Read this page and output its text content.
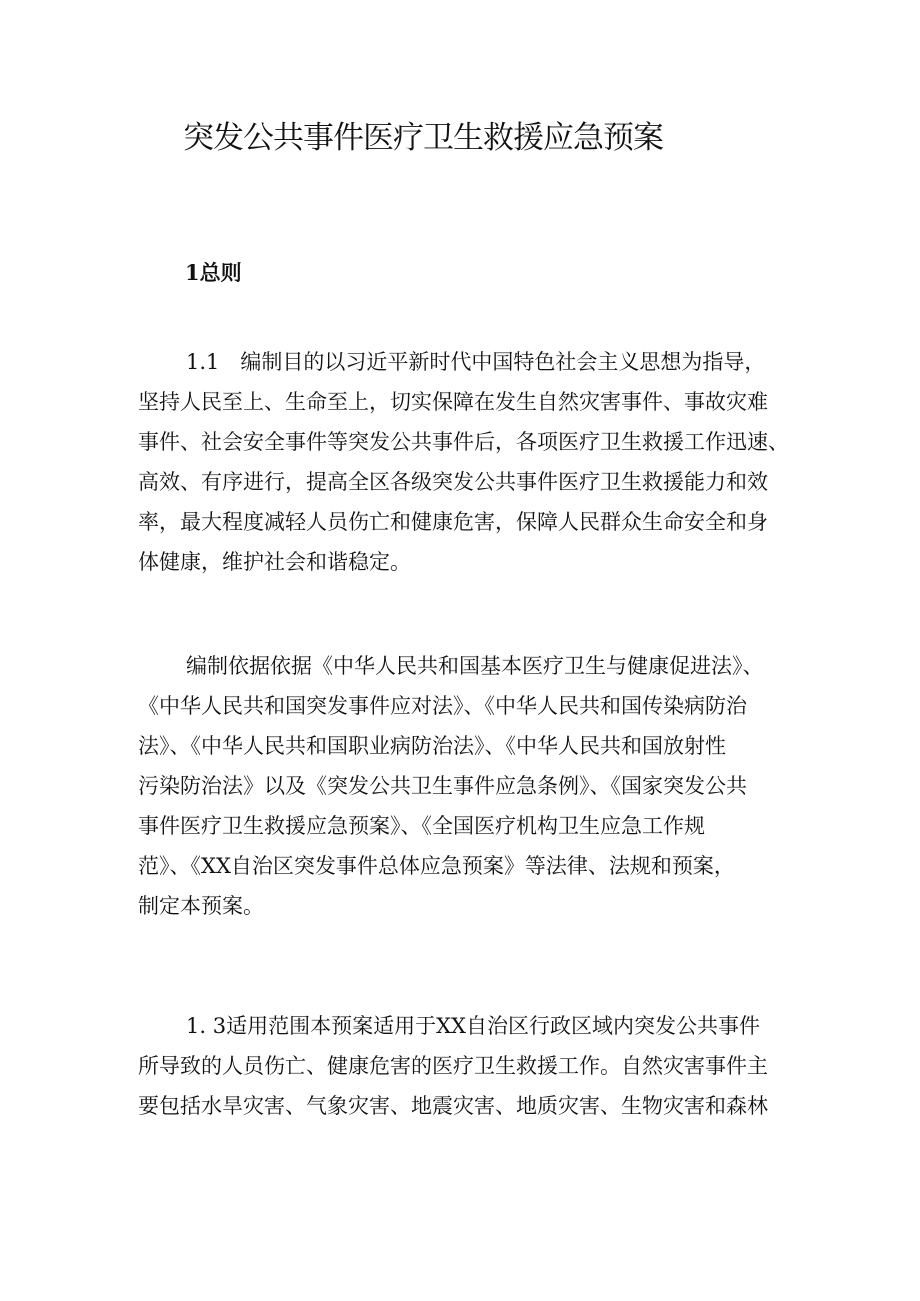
突发公共事件医疗卫生救援应急预案
1总则
1.1　编制目的以习近平新时代中国特色社会主义思想为指导，
坚持人民至上、生命至上，切实保障在发生自然灾害事件、事故灾难
事件、社会安全事件等突发公共事件后，各项医疗卫生救援工作迅速、
高效、有序进行，提高全区各级突发公共事件医疗卫生救援能力和效
率，最大程度减轻人员伤亡和健康危害，保障人民群众生命安全和身
体健康，维护社会和谐稳定。
编制依据依据《中华人民共和国基本医疗卫生与健康促进法》、
《中华人民共和国突发事件应对法》、《中华人民共和国传染病防治
法》、《中华人民共和国职业病防治法》、《中华人民共和国放射性
污染防治法》以及《突发公共卫生事件应急条例》、《国家突发公共
事件医疗卫生救援应急预案》、《全国医疗机构卫生应急工作规
范》、《XX自治区突发事件总体应急预案》等法律、法规和预案，
制定本预案。
1. 3适用范围本预案适用于XX自治区行政区域内突发公共事件
所导致的人员伤亡、健康危害的医疗卫生救援工作。自然灾害事件主
要包括水旱灾害、气象灾害、地震灾害、地质灾害、生物灾害和森林
